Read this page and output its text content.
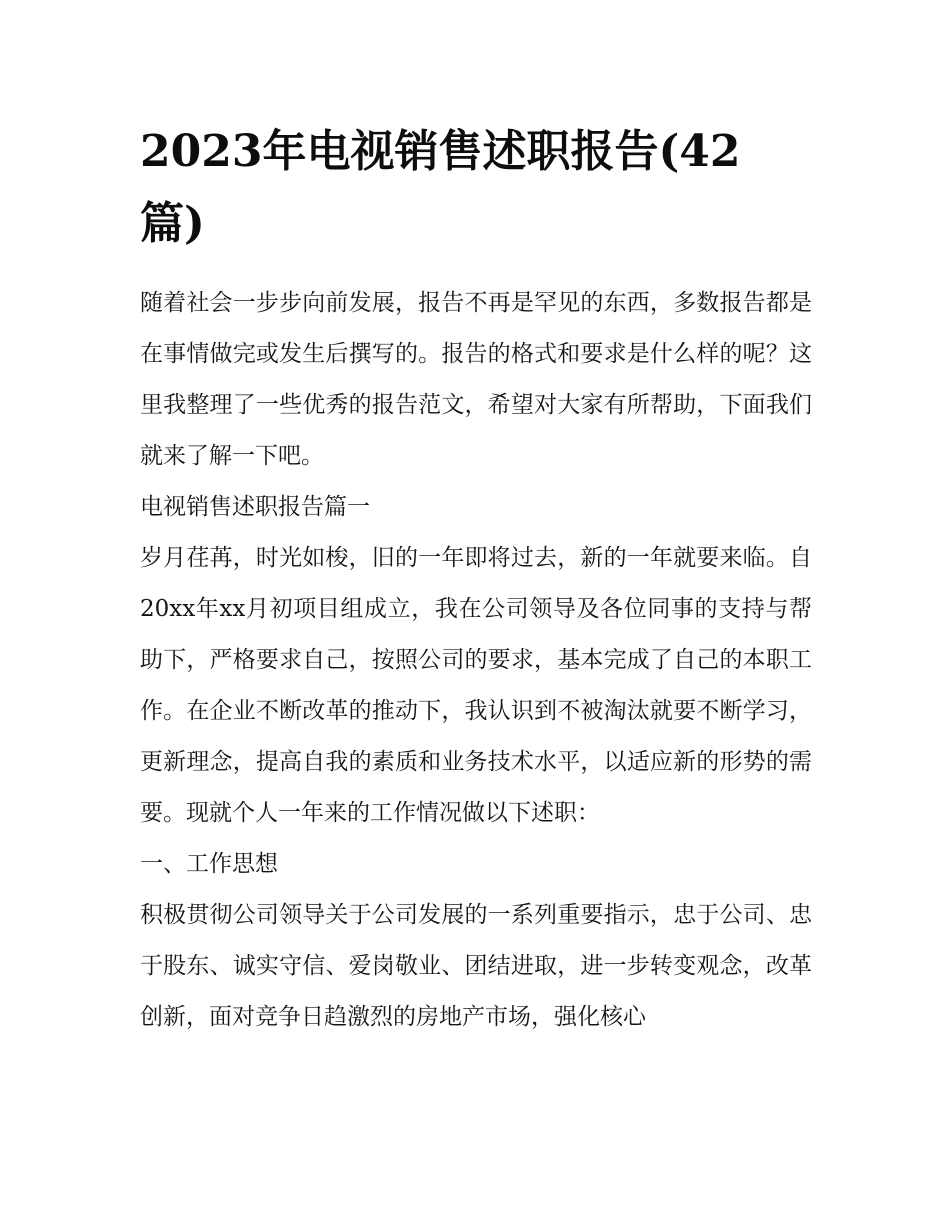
2023年电视销售述职报告(42
篇)

随着社会一步步向前发展，报告不再是罕见的东西，多数报告都是在事情做完或发生后撰写的。报告的格式和要求是什么样的呢？这里我整理了一些优秀的报告范文，希望对大家有所帮助，下面我们就来了解一下吧。

电视销售述职报告篇一

岁月荏苒，时光如梭，旧的一年即将过去，新的一年就要来临。自20xx年xx月初项目组成立，我在公司领导及各位同事的支持与帮助下，严格要求自己，按照公司的要求，基本完成了自己的本职工作。在企业不断改革的推动下，我认识到不被淘汰就要不断学习，更新理念，提高自我的素质和业务技术水平，以适应新的形势的需要。现就个人一年来的工作情况做以下述职：

一、工作思想

积极贯彻公司领导关于公司发展的一系列重要指示，忠于公司、忠于股东、诚实守信、爱岗敬业、团结进取，进一步转变观念，改革创新，面对竞争日趋激烈的房地产市场，强化核心
